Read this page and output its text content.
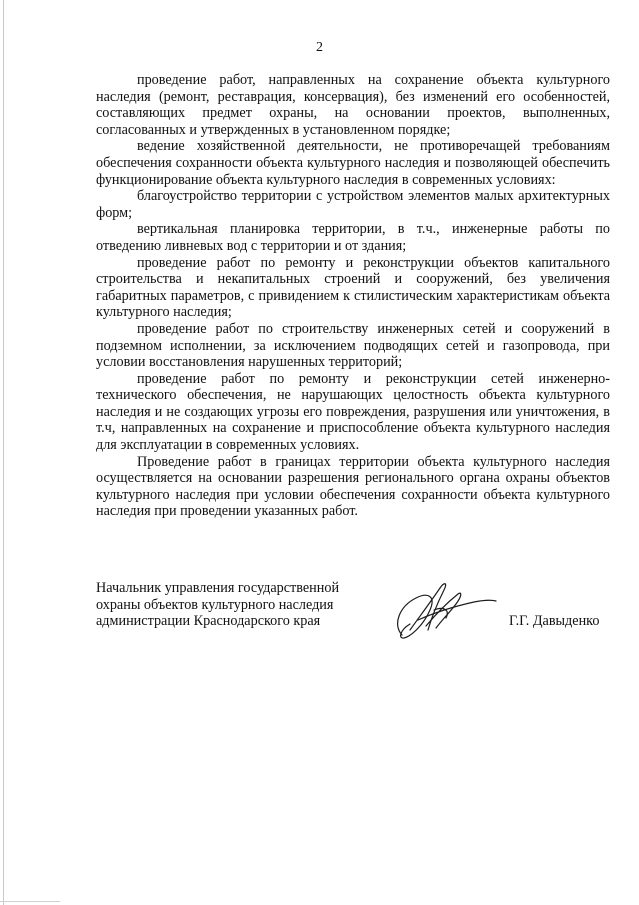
2

проведение работ, направленных на сохранение объекта культурного наследия (ремонт, реставрация, консервация), без изменений его особенностей, составляющих предмет охраны, на основании проектов, выполненных, согласованных и утвержденных в установленном порядке;

ведение хозяйственной деятельности, не противоречащей требованиям обеспечения сохранности объекта культурного наследия и позволяющей обеспечить функционирование объекта культурного наследия в современных условиях:

благоустройство территории с устройством элементов малых архитектурных форм;

вертикальная планировка территории, в т.ч., инженерные работы по отведению ливневых вод с территории и от здания;

проведение работ по ремонту и реконструкции объектов капитального строительства и некапитальных строений и сооружений, без увеличения габаритных параметров, с привидением к стилистическим характеристикам объекта культурного наследия;

проведение работ по строительству инженерных сетей и сооружений в подземном исполнении, за исключением подводящих сетей и газопровода, при условии восстановления нарушенных территорий;

проведение работ по ремонту и реконструкции сетей инженерно-технического обеспечения, не нарушающих целостность объекта культурного наследия и не создающих угрозы его повреждения, разрушения или уничтожения, в т.ч, направленных на сохранение и приспособление объекта культурного наследия для эксплуатации в современных условиях.

Проведение работ в границах территории объекта культурного наследия осуществляется на основании разрешения регионального органа охраны объектов культурного наследия при условии обеспечения сохранности объекта культурного наследия при проведении указанных работ.

Начальник управления государственной
охраны объектов культурного наследия
администрации Краснодарского края	Г.Г. Давыденко
